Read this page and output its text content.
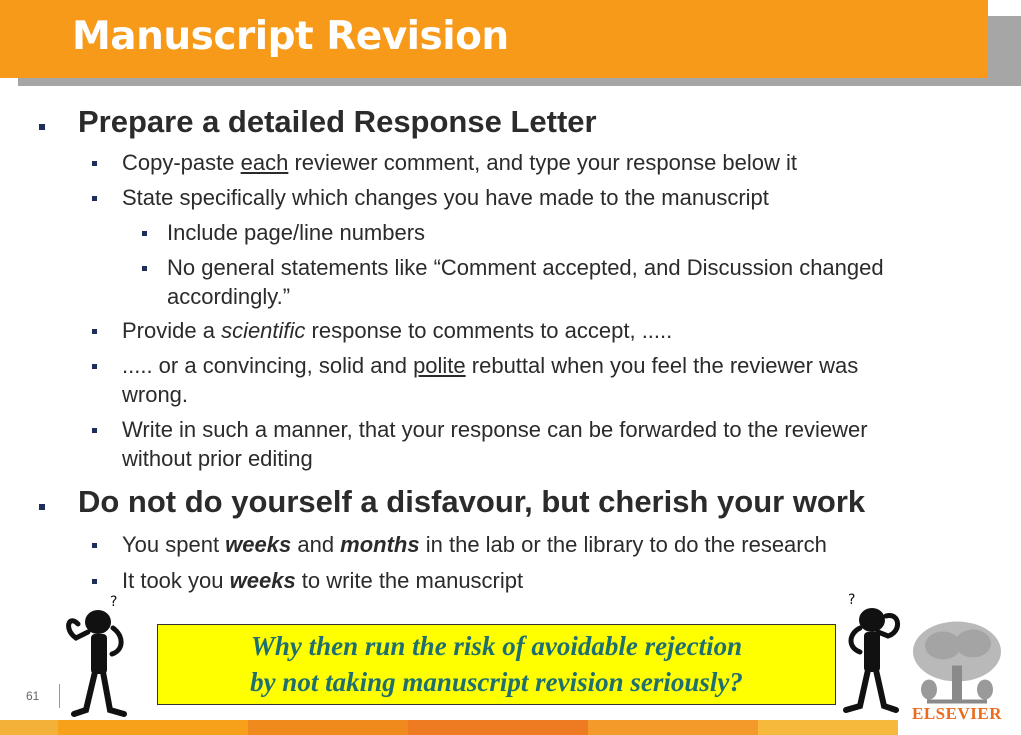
Manuscript Revision
Prepare a detailed Response Letter
Copy-paste each reviewer comment, and type your response below it
State specifically which changes you have made to the manuscript
Include page/line numbers
No general statements like “Comment accepted, and Discussion changed
accordingly.”
Provide a scientific response to comments to accept, .....
..... or a convincing, solid and polite rebuttal when you feel the reviewer was
wrong.
Write in such a manner, that your response can be forwarded to the reviewer
without prior editing
Do not do yourself a disfavour, but cherish your work
You spent weeks and months in the lab or the library to do the research
It took you weeks to write the manuscript
?	?
Why then run the risk of avoidable rejection
by not taking manuscript revision seriously?
61
ELSEVIER
